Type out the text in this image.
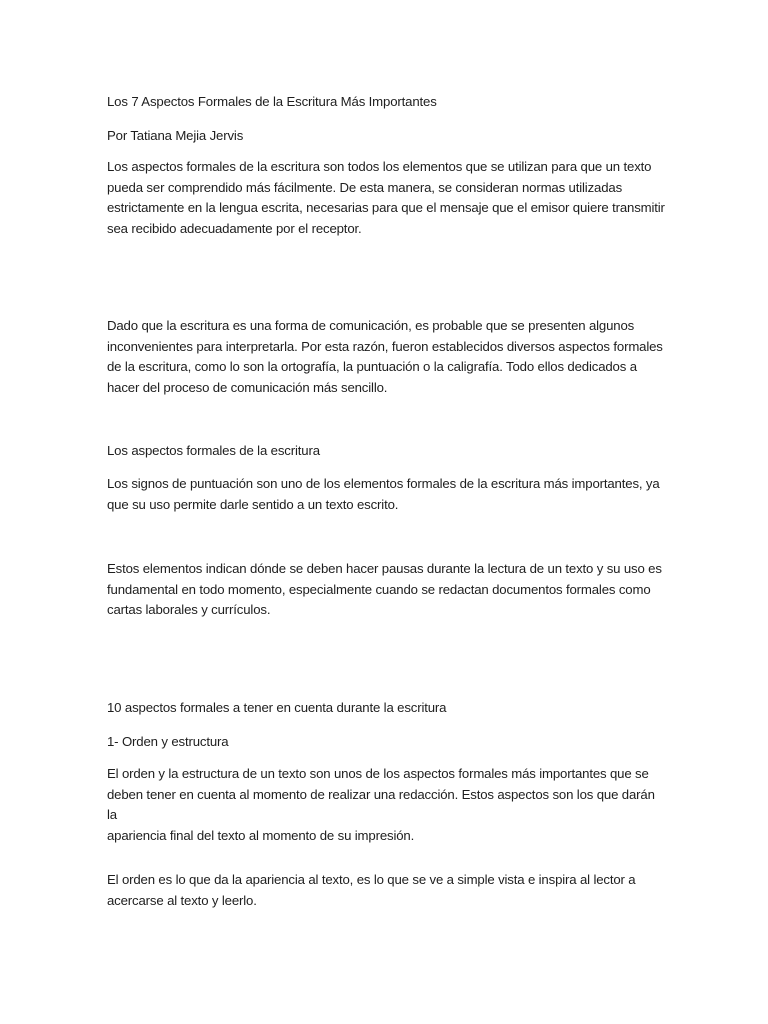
Los 7 Aspectos Formales de la Escritura Más Importantes

Por Tatiana Mejia Jervis

Los aspectos formales de la escritura son todos los elementos que se utilizan para que un texto
pueda ser comprendido más fácilmente. De esta manera, se consideran normas utilizadas
estrictamente en la lengua escrita, necesarias para que el mensaje que el emisor quiere transmitir
sea recibido adecuadamente por el receptor.

Dado que la escritura es una forma de comunicación, es probable que se presenten algunos
inconvenientes para interpretarla. Por esta razón, fueron establecidos diversos aspectos formales
de la escritura, como lo son la ortografía, la puntuación o la caligrafía. Todo ellos dedicados a
hacer del proceso de comunicación más sencillo.

Los aspectos formales de la escritura

Los signos de puntuación son uno de los elementos formales de la escritura más importantes, ya
que su uso permite darle sentido a un texto escrito.

Estos elementos indican dónde se deben hacer pausas durante la lectura de un texto y su uso es
fundamental en todo momento, especialmente cuando se redactan documentos formales como
cartas laborales y currículos.

10 aspectos formales a tener en cuenta durante la escritura

1- Orden y estructura

El orden y la estructura de un texto son unos de los aspectos formales más importantes que se
deben tener en cuenta al momento de realizar una redacción. Estos aspectos son los que darán la
apariencia final del texto al momento de su impresión.

El orden es lo que da la apariencia al texto, es lo que se ve a simple vista e inspira al lector a
acercarse al texto y leerlo.
